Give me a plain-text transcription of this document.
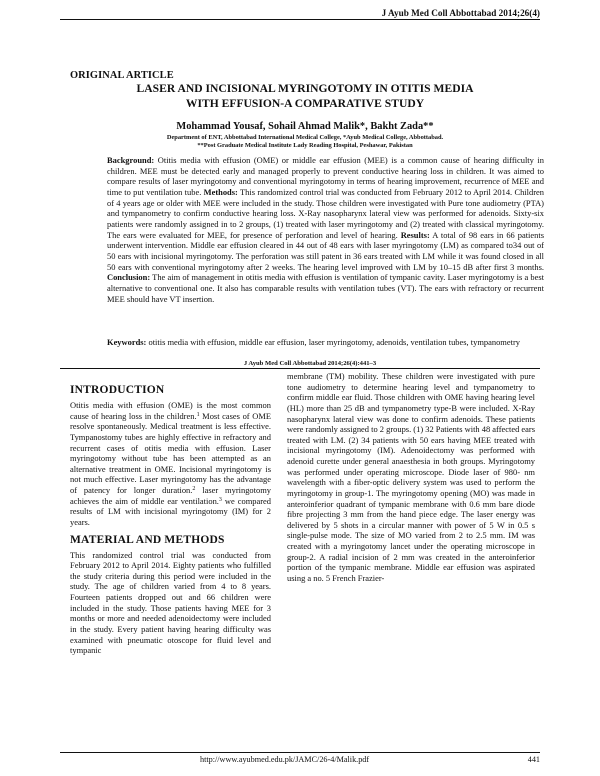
J Ayub Med Coll Abbottabad 2014;26(4)
ORIGINAL ARTICLE
LASER AND INCISIONAL MYRINGOTOMY IN OTITIS MEDIA
WITH EFFUSION-A COMPARATIVE STUDY
Mohammad Yousaf, Sohail Ahmad Malik*, Bakht Zada**
Department of ENT, Abbottabad International Medical College, *Ayub Medical College, Abbottabad.
**Post Graduate Medical Institute Lady Reading Hospital, Peshawar, Pakistan
Background: Otitis media with effusion (OME) or middle ear effusion (MEE) is a common cause of hearing difficulty in children. MEE must be detected early and managed properly to prevent conductive hearing loss in children. It was aimed to compare results of laser myringotomy and conventional myringotomy in terms of hearing improvement, recurrence of MEE and time to put ventilation tube. Methods: This randomized control trial was conducted from February 2012 to April 2014. Children of 4 years age or older with MEE were included in the study. Those children were investigated with Pure tone audiometry (PTA) and tympanometry to confirm conductive hearing loss. X-Ray nasopharynx lateral view was performed for adenoids. Sixty-six patients were randomly assigned in to 2 groups, (1) treated with laser myringotomy and (2) treated with classical myringotomy. The ears were evaluated for MEE, for presence of perforation and level of hearing. Results: A total of 98 ears in 66 patients underwent intervention. Middle ear effusion cleared in 44 out of 48 ears with laser myringotomy (LM) as compared to34 out of 50 ears with incisional myringotomy. The perforation was still patent in 36 ears treated with LM while it was found closed in all 50 ears with conventional myringotomy after 2 weeks. The hearing level improved with LM by 10–15 dB after first 3 months. Conclusion: The aim of management in otitis media with effusion is ventilation of tympanic cavity. Laser myringotomy is a best alternative to conventional one. It also has comparable results with ventilation tubes (VT). The ears with refractory or recurrent MEE should have VT insertion.
Keywords: otitis media with effusion, middle ear effusion, laser myringotomy, adenoids, ventilation tubes, tympanometry
J Ayub Med Coll Abbottabad 2014;26(4):441–3
INTRODUCTION

Otitis media with effusion (OME) is the most common cause of hearing loss in the children.$^1$ Most cases of OME resolve spontaneously. Medical treatment is less effective. Tympanostomy tubes are highly effective in refractory and recurrent cases of otitis media with effusion. Laser myringotomy without tube has been attempted as an alternative treatment in OME. Incisional myringotomy is not much effective. Laser myringotomy has the advantage of patency for longer duration.$^2$ laser myringotomy achieves the aim of middle ear ventilation.$^3$ we compared results of LM with incisional myringotomy (IM) for 2 years.

MATERIAL AND METHODS

This randomized control trial was conducted from February 2012 to April 2014. Eighty patients who fulfilled the study criteria during this period were included in the study. The age of children varied from 4 to 8 years. Fourteen patients dropped out and 66 children were included in the study. Those patients having MEE for 3 months or more and needed adenoidectomy were included in the study. Every patient having hearing difficulty was examined with pneumatic otoscope for fluid level and tympanic

membrane (TM) mobility. These children were investigated with pure tone audiometry to determine hearing level and tympanometry to confirm middle ear fluid. Those children with OME having hearing level (HL) more than 25 dB and tympanometry type-B were included. X-Ray nasopharynx lateral view was done to confirm adenoids. These patients were randomly assigned to 2 groups. (1) 32 Patients with 48 affected ears treated with LM. (2) 34 patients with 50 ears having MEE treated with incisional myringotomy (IM). Adenoidectomy was performed with adenoid curette under general anaesthesia in both groups. Myringotomy was performed under operating microscope. Diode laser of 980- nm wavelength with a fiber-optic delivery system was used to perform the myringotomy in group-1. The myringotomy opening (MO) was made in anteroinferior quadrant of tympanic membrane with 0.6 mm bare diode fibre projecting 3 mm from the hand piece edge. The laser energy was delivered by 5 shots in a circular manner with power of 5 W in 0.5 s single-pulse mode. The size of MO varied from 2 to 2.5 mm. IM was created with a myringotomy lancet under the operating microscope in group-2. A radial incision of 2 mm was created in the anteroinferior portion of the tympanic membrane. Middle ear effusion was aspirated using a no. 5 French Frazier-

http://www.ayubmed.edu.pk/JAMC/26-4/Malik.pdf	441
